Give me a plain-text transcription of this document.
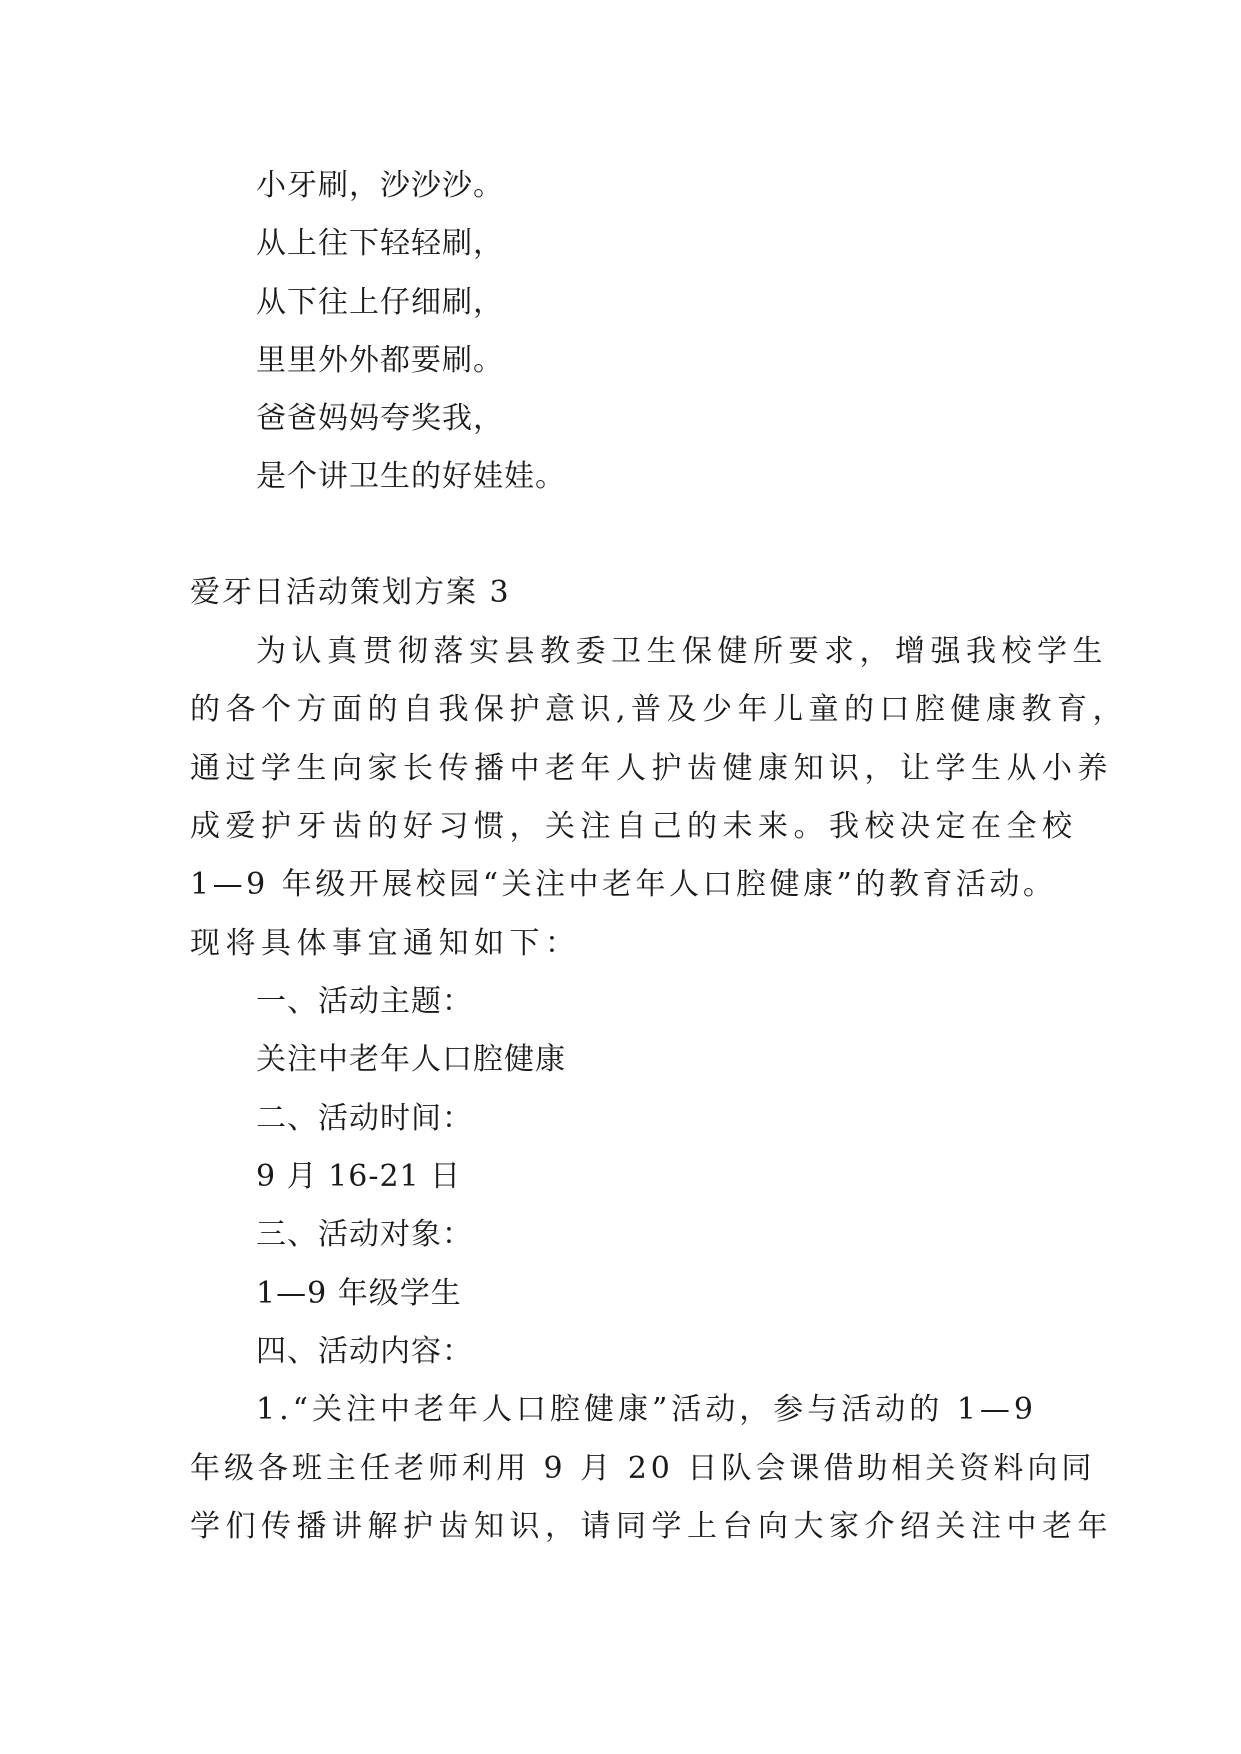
小牙刷，沙沙沙。
从上往下轻轻刷，
从下往上仔细刷，
里里外外都要刷。
爸爸妈妈夸奖我，
是个讲卫生的好娃娃。
爱牙日活动策划方案 3
为认真贯彻落实县教委卫生保健所要求，增强我校学生
的各个方面的自我保护意识,普及少年儿童的口腔健康教育，
通过学生向家长传播中老年人护齿健康知识，让学生从小养
成爱护牙齿的好习惯，关注自己的未来。我校决定在全校
1—9 年级开展校园“关注中老年人口腔健康”的教育活动。
现将具体事宜通知如下：
一、活动主题：
关注中老年人口腔健康
二、活动时间：
9 月 16-21 日
三、活动对象：
1—9 年级学生
四、活动内容：
1.“关注中老年人口腔健康”活动，参与活动的 1—9
年级各班主任老师利用 9 月 20 日队会课借助相关资料向同
学们传播讲解护齿知识，请同学上台向大家介绍关注中老年
